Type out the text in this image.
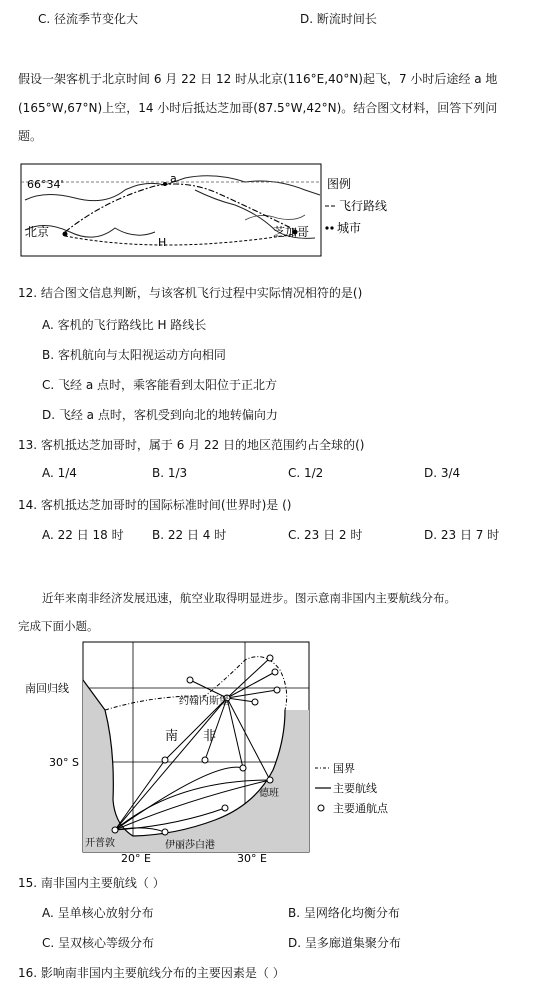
C. 径流季节变化大	D. 断流时间长
假设一架客机于北京时间 6 月 22 日 12 时从北京(116°E,40°N)起飞，7 小时后途经 a 地
(165°W,67°N)上空，14 小时后抵达芝加哥(87.5°W,42°N)。结合图文材料，回答下列问
题。
66°34'
北京	芝加哥
a
H
图例
飞行路线
城市
12. 结合图文信息判断，与该客机飞行过程中实际情况相符的是()
A. 客机的飞行路线比 H 路线长
B. 客机航向与太阳视运动方向相同
C. 飞经 a 点时，乘客能看到太阳位于正北方
D. 飞经 a 点时，客机受到向北的地转偏向力
13. 客机抵达芝加哥时，属于 6 月 22 日的地区范围约占全球的()
A. 1/4	B. 1/3	C. 1/2	D. 3/4
14. 客机抵达芝加哥时的国际标准时间(世界时)是 ()
A. 22 日 18 时 B. 22 日 4 时	C. 23 日 2 时	D. 23 日 7 时
近年来南非经济发展迅速，航空业取得明显进步。图示意南非国内主要航线分布。
完成下面小题。
南回归线
30° S
约翰内斯堡
南 非
德班
开普敦	伊丽莎白港
20° E	30° E
国界
主要航线
主要通航点
15. 南非国内主要航线（ ）
A. 呈单核心放射分布	B. 呈网络化均衡分布
C. 呈双核心等级分布	D. 呈多廊道集聚分布
16. 影响南非国内主要航线分布的主要因素是（ ）
